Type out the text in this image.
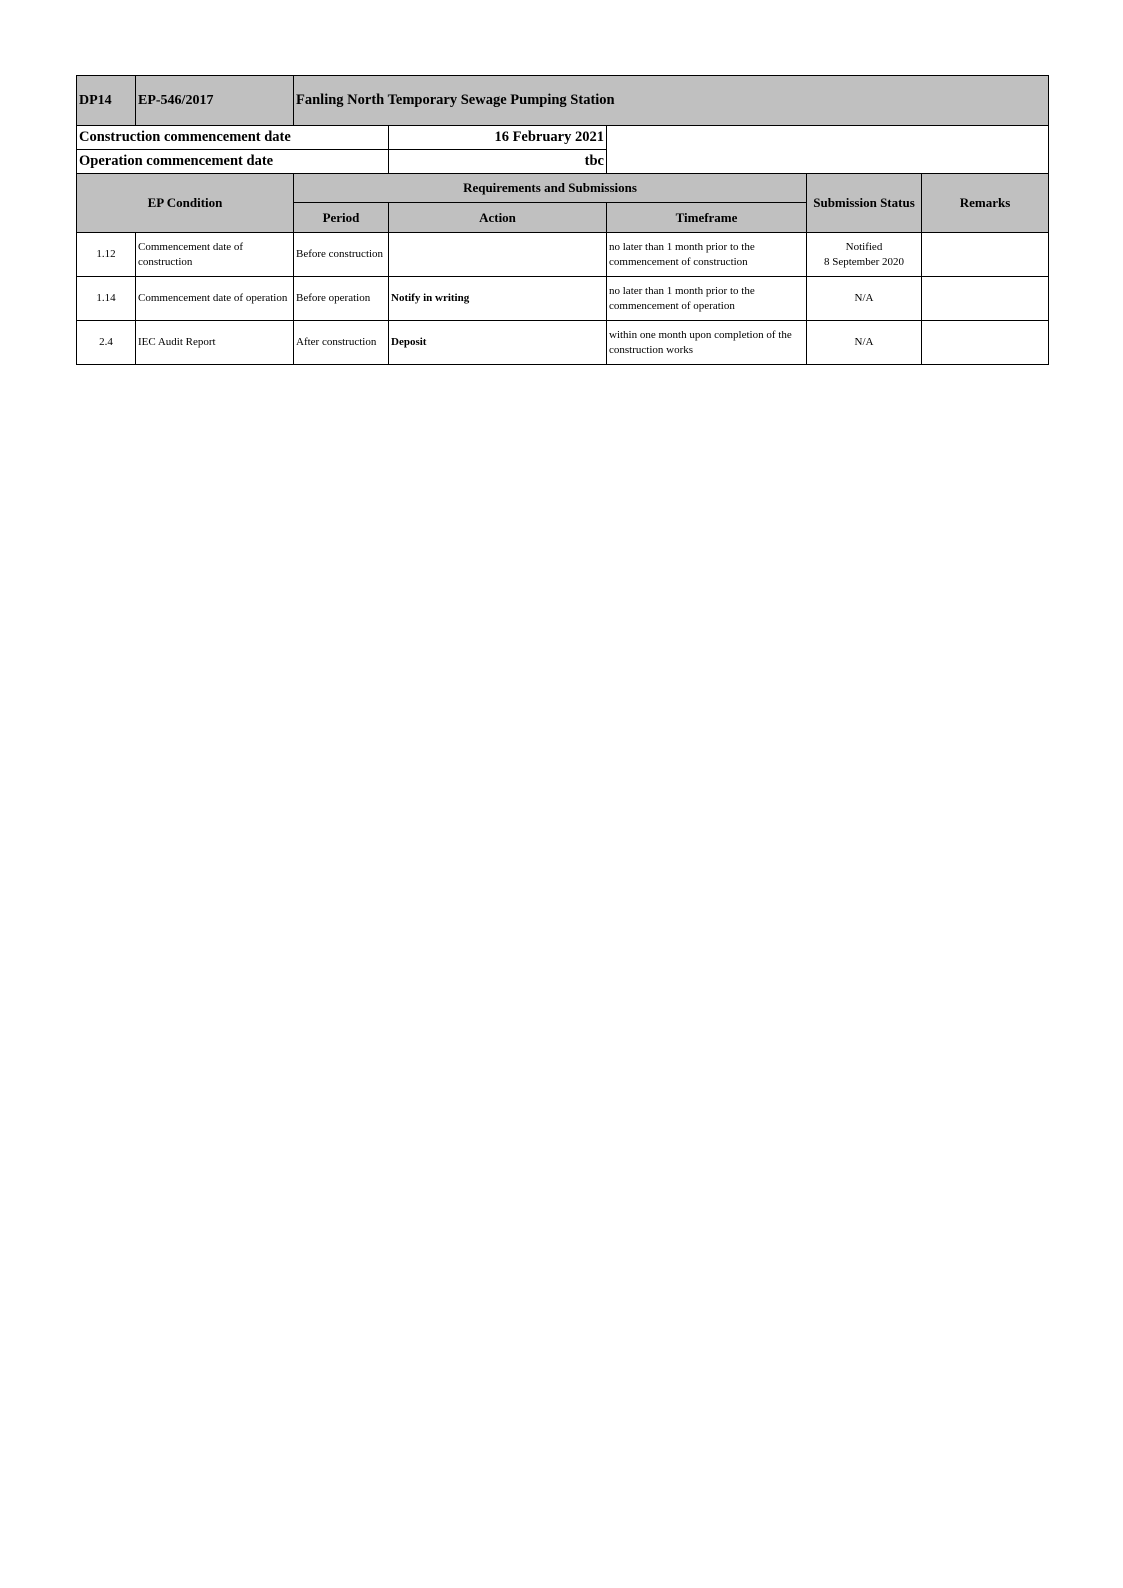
DP14	EP-546/2017	Fanling North Temporary Sewage Pumping Station				
Construction commencement date			16 February 2021			
Operation commencement date			tbc			
EP Condition		Requirements and Submissions			Submission Status	Remarks
		Period	Action	Timeframe		
1.12	Commencement date of construction	Before construction		no later than 1 month prior to the commencement of construction	Notified
8 September 2020	

1.14	Commencement date of operation	Before operation	Notify in writing	no later than 1 month prior to the commencement of operation	N/A	

2.4	IEC Audit Report	After construction	Deposit	within one month upon completion of the construction works	N/A	
